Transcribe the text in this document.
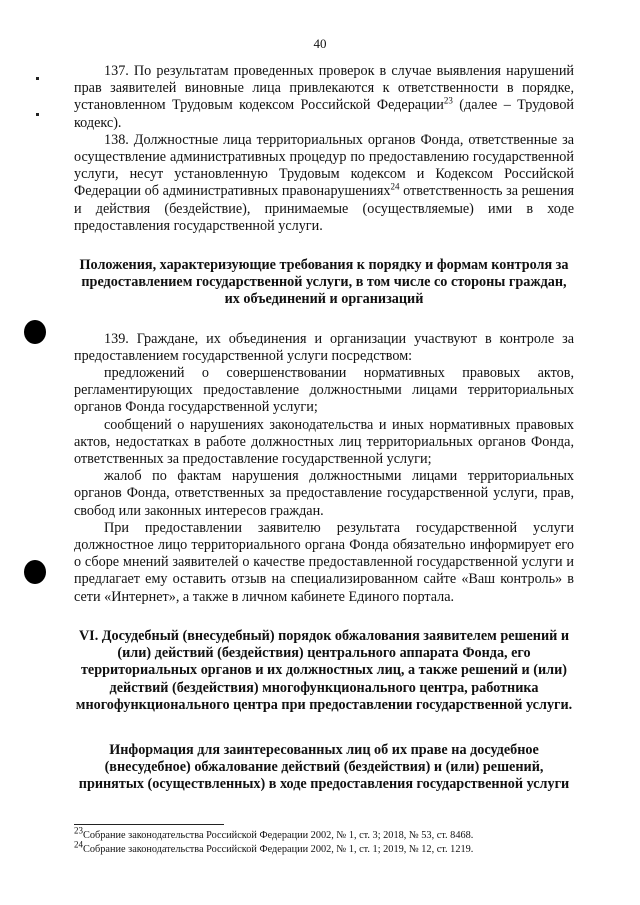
40

137. По результатам проведенных проверок в случае выявления нарушений прав заявителей виновные лица привлекаются к ответственности в порядке, установленном Трудовым кодексом Российской Федерации$^{23}$ (далее – Трудовой кодекс).

138. Должностные лица территориальных органов Фонда, ответственные за осуществление административных процедур по предоставлению государственной услуги, несут установленную Трудовым кодексом и Кодексом Российской Федерации об административных правонарушениях$^{24}$ ответственность за решения и действия (бездействие), принимаемые (осуществляемые) ими в ходе предоставления государственной услуги.

Положения, характеризующие требования к порядку и формам контроля за предоставлением государственной услуги, в том числе со стороны граждан, их объединений и организаций

139. Граждане, их объединения и организации участвуют в контроле за предоставлением государственной услуги посредством:

предложений о совершенствовании нормативных правовых актов, регламентирующих предоставление должностными лицами территориальных органов Фонда государственной услуги;

сообщений о нарушениях законодательства и иных нормативных правовых актов, недостатках в работе должностных лиц территориальных органов Фонда, ответственных за предоставление государственной услуги;

жалоб по фактам нарушения должностными лицами территориальных органов Фонда, ответственных за предоставление государственной услуги, прав, свобод или законных интересов граждан.

При предоставлении заявителю результата государственной услуги должностное лицо территориального органа Фонда обязательно информирует его о сборе мнений заявителей о качестве предоставленной государственной услуги и предлагает ему оставить отзыв на специализированном сайте «Ваш контроль» в сети «Интернет», а также в личном кабинете Единого портала.

VI. Досудебный (внесудебный) порядок обжалования заявителем решений и (или) действий (бездействия) центрального аппарата Фонда, его территориальных органов и их должностных лиц, а также решений и (или) действий (бездействия) многофункционального центра, работника многофункционального центра при предоставлении государственной услуги.

Информация для заинтересованных лиц об их праве на досудебное (внесудебное) обжалование действий (бездействия) и (или) решений, принятых (осуществленных) в ходе предоставления государственной услуги

$^{23}$Собрание законодательства Российской Федерации 2002, № 1, ст. 3; 2018, № 53, ст. 8468.
$^{24}$Собрание законодательства Российской Федерации 2002, № 1, ст. 1; 2019, № 12, ст. 1219.
